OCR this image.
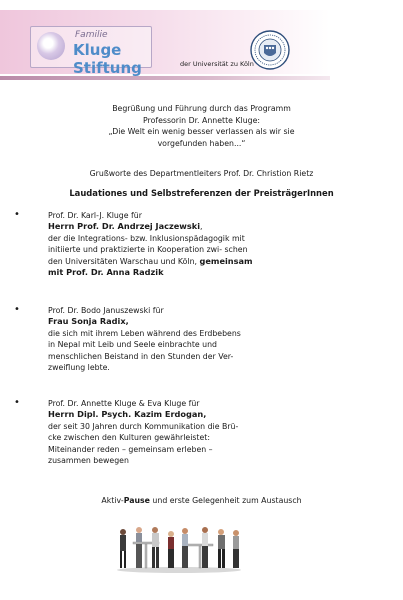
Familie
Kluge Stiftung	der Universität zu Köln
Begrüßung und Führung durch das Programm
Professorin Dr. Annette Kluge:
„Die Welt ein wenig besser verlassen als wir sie
vorgefunden haben...“
Grußworte des Departmentleiters Prof. Dr. Christion Rietz
Laudationes und Selbstreferenzen der PreisträgerInnen
•	Prof. Dr. Karl-J. Kluge für
Herrn Prof. Dr. Andrzej Jaczewski,
der die Integrations- bzw. Inklusionspädagogik mit
initiierte und praktizierte in Kooperation zwi- schen
den Universitäten Warschau und Köln, gemeinsam
mit Prof. Dr. Anna Radzik
•	Prof. Dr. Bodo Januszewski für
Frau Sonja Radix,
die sich mit ihrem Leben während des Erdbebens
in Nepal mit Leib und Seele einbrachte und
menschlichen Beistand in den Stunden der Ver-
zweiflung lebte.
•	Prof. Dr. Annette Kluge & Eva Kluge für
Herrn Dipl. Psych. Kazim Erdogan,
der seit 30 Jahren durch Kommunikation die Brü-
cke zwischen den Kulturen gewährleistet:
Miteinander reden – gemeinsam erleben –
zusammen bewegen
Aktiv-Pause und erste Gelegenheit zum Austausch
